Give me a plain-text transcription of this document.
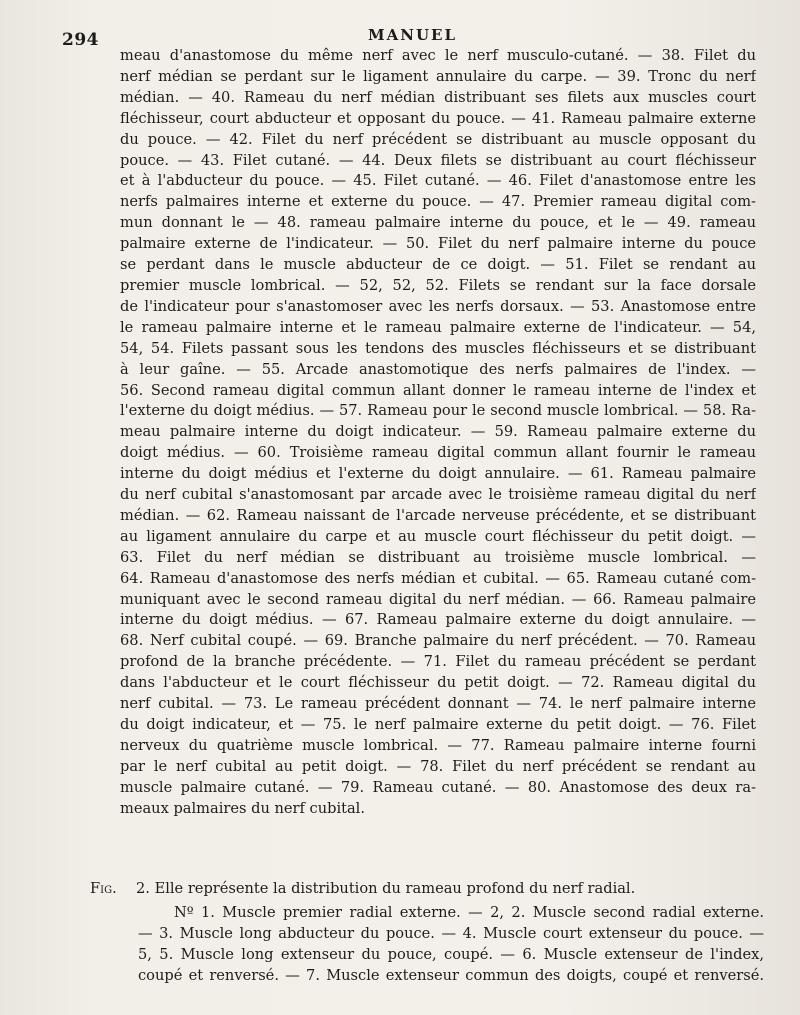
294	MANUEL
meau d'anastomose du même nerf avec le nerf musculo-cutané. — 38. Filet du
nerf médian se perdant sur le ligament annulaire du carpe. — 39. Tronc du nerf
médian. — 40. Rameau du nerf médian distribuant ses filets aux muscles court
fléchisseur, court abducteur et opposant du pouce. — 41. Rameau palmaire externe
du pouce. — 42. Filet du nerf précédent se distribuant au muscle opposant du
pouce. — 43. Filet cutané. — 44. Deux filets se distribuant au court fléchisseur
et à l'abducteur du pouce. — 45. Filet cutané. — 46. Filet d'anastomose entre les
nerfs palmaires interne et externe du pouce. — 47. Premier rameau digital com-
mun donnant le — 48. rameau palmaire interne du pouce, et le — 49. rameau
palmaire externe de l'indicateur. — 50. Filet du nerf palmaire interne du pouce
se perdant dans le muscle abducteur de ce doigt. — 51. Filet se rendant au
premier muscle lombrical. — 52, 52, 52. Filets se rendant sur la face dorsale
de l'indicateur pour s'anastomoser avec les nerfs dorsaux. — 53. Anastomose entre
le rameau palmaire interne et le rameau palmaire externe de l'indicateur. — 54,
54, 54. Filets passant sous les tendons des muscles fléchisseurs et se distribuant
à leur gaîne. — 55. Arcade anastomotique des nerfs palmaires de l'index. —
56. Second rameau digital commun allant donner le rameau interne de l'index et
l'externe du doigt médius. — 57. Rameau pour le second muscle lombrical. — 58. Ra-
meau palmaire interne du doigt indicateur. — 59. Rameau palmaire externe du
doigt médius. — 60. Troisième rameau digital commun allant fournir le rameau
interne du doigt médius et l'externe du doigt annulaire. — 61. Rameau palmaire
du nerf cubital s'anastomosant par arcade avec le troisième rameau digital du nerf
médian. — 62. Rameau naissant de l'arcade nerveuse précédente, et se distribuant
au ligament annulaire du carpe et au muscle court fléchisseur du petit doigt. —
63. Filet du nerf médian se distribuant au troisième muscle lombrical. —
64. Rameau d'anastomose des nerfs médian et cubital. — 65. Rameau cutané com-
muniquant avec le second rameau digital du nerf médian. — 66. Rameau palmaire
interne du doigt médius. — 67. Rameau palmaire externe du doigt annulaire. —
68. Nerf cubital coupé. — 69. Branche palmaire du nerf précédent. — 70. Rameau
profond de la branche précédente. — 71. Filet du rameau précédent se perdant
dans l'abducteur et le court fléchisseur du petit doigt. — 72. Rameau digital du
nerf cubital. — 73. Le rameau précédent donnant — 74. le nerf palmaire interne
du doigt indicateur, et — 75. le nerf palmaire externe du petit doigt. — 76. Filet
nerveux du quatrième muscle lombrical. — 77. Rameau palmaire interne fourni
par le nerf cubital au petit doigt. — 78. Filet du nerf précédent se rendant au
muscle palmaire cutané. — 79. Rameau cutané. — 80. Anastomose des deux ra-
meaux palmaires du nerf cubital.
Fig. 2. Elle représente la distribution du rameau profond du nerf radial.
Nº 1. Muscle premier radial externe. — 2, 2. Muscle second radial externe.
— 3. Muscle long abducteur du pouce. — 4. Muscle court extenseur du pouce. —
5, 5. Muscle long extenseur du pouce, coupé. — 6. Muscle extenseur de l'index,
coupé et renversé. — 7. Muscle extenseur commun des doigts, coupé et renversé.
